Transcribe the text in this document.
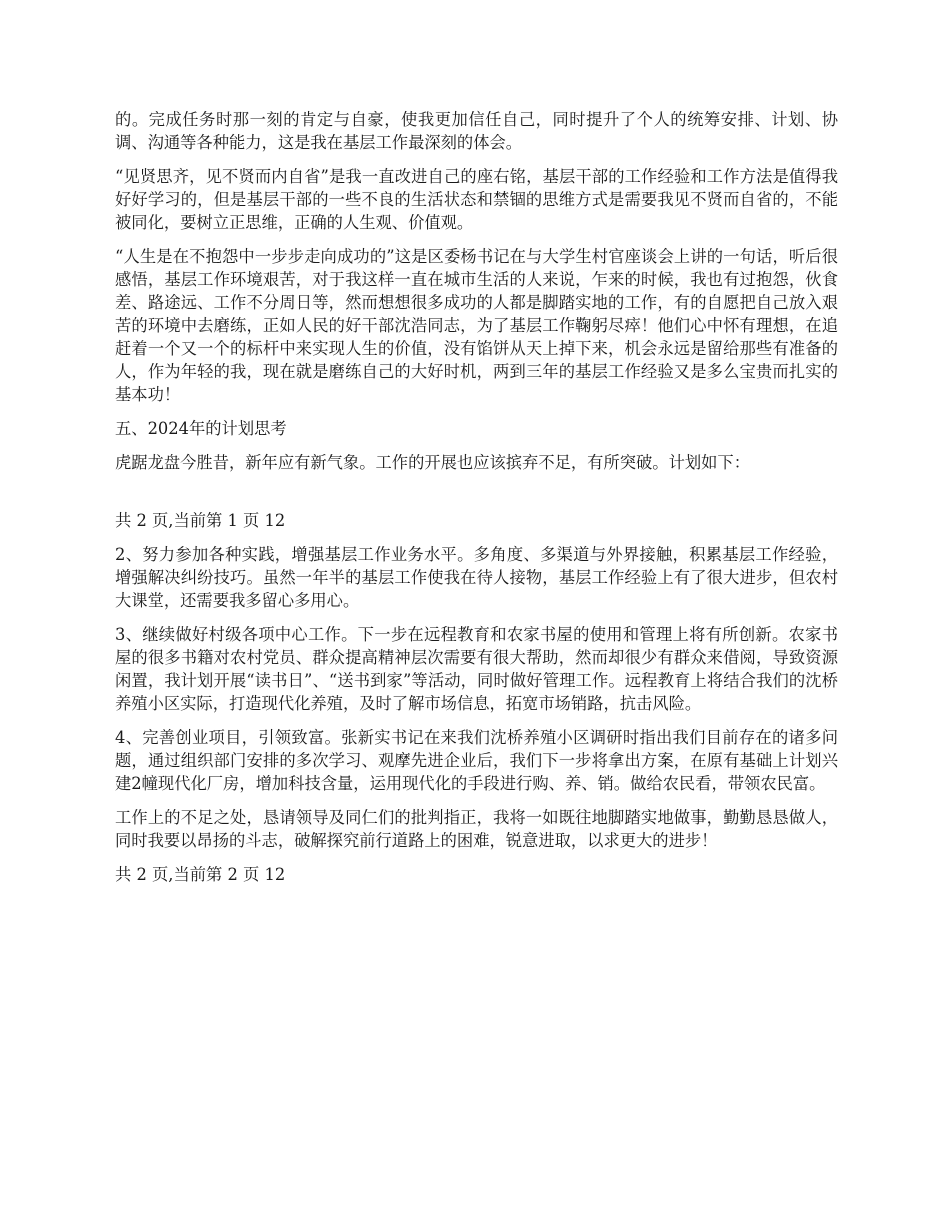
的。完成任务时那一刻的肯定与自豪，使我更加信任自己，同时提升了个人的统筹安排、计划、协调、沟通等各种能力，这是我在基层工作最深刻的体会。

“见贤思齐，见不贤而内自省”是我一直改进自己的座右铭，基层干部的工作经验和工作方法是值得我好好学习的，但是基层干部的一些不良的生活状态和禁锢的思维方式是需要我见不贤而自省的，不能被同化，要树立正思维，正确的人生观、价值观。

“人生是在不抱怨中一步步走向成功的”这是区委杨书记在与大学生村官座谈会上讲的一句话，听后很感悟，基层工作环境艰苦，对于我这样一直在城市生活的人来说，乍来的时候，我也有过抱怨，伙食差、路途远、工作不分周日等，然而想想很多成功的人都是脚踏实地的工作，有的自愿把自己放入艰苦的环境中去磨练，正如人民的好干部沈浩同志，为了基层工作鞠躬尽瘁！他们心中怀有理想，在追赶着一个又一个的标杆中来实现人生的价值，没有馅饼从天上掉下来，机会永远是留给那些有准备的人，作为年轻的我，现在就是磨练自己的大好时机，两到三年的基层工作经验又是多么宝贵而扎实的基本功！

五、2024年的计划思考

虎踞龙盘今胜昔，新年应有新气象。工作的开展也应该摈弃不足，有所突破。计划如下：

共 2 页,当前第 1 页 12

2、努力参加各种实践，增强基层工作业务水平。多角度、多渠道与外界接触，积累基层工作经验，增强解决纠纷技巧。虽然一年半的基层工作使我在待人接物，基层工作经验上有了很大进步，但农村大课堂，还需要我多留心多用心。

3、继续做好村级各项中心工作。下一步在远程教育和农家书屋的使用和管理上将有所创新。农家书屋的很多书籍对农村党员、群众提高精神层次需要有很大帮助，然而却很少有群众来借阅，导致资源闲置，我计划开展“读书日”、“送书到家”等活动，同时做好管理工作。远程教育上将结合我们的沈桥养殖小区实际，打造现代化养殖，及时了解市场信息，拓宽市场销路，抗击风险。

4、完善创业项目，引领致富。张新实书记在来我们沈桥养殖小区调研时指出我们目前存在的诸多问题，通过组织部门安排的多次学习、观摩先进企业后，我们下一步将拿出方案，在原有基础上计划兴建2幢现代化厂房，增加科技含量，运用现代化的手段进行购、养、销。做给农民看，带领农民富。

工作上的不足之处，恳请领导及同仁们的批判指正，我将一如既往地脚踏实地做事，勤勤恳恳做人，同时我要以昂扬的斗志，破解探究前行道路上的困难，锐意进取，以求更大的进步！

共 2 页,当前第 2 页 12
